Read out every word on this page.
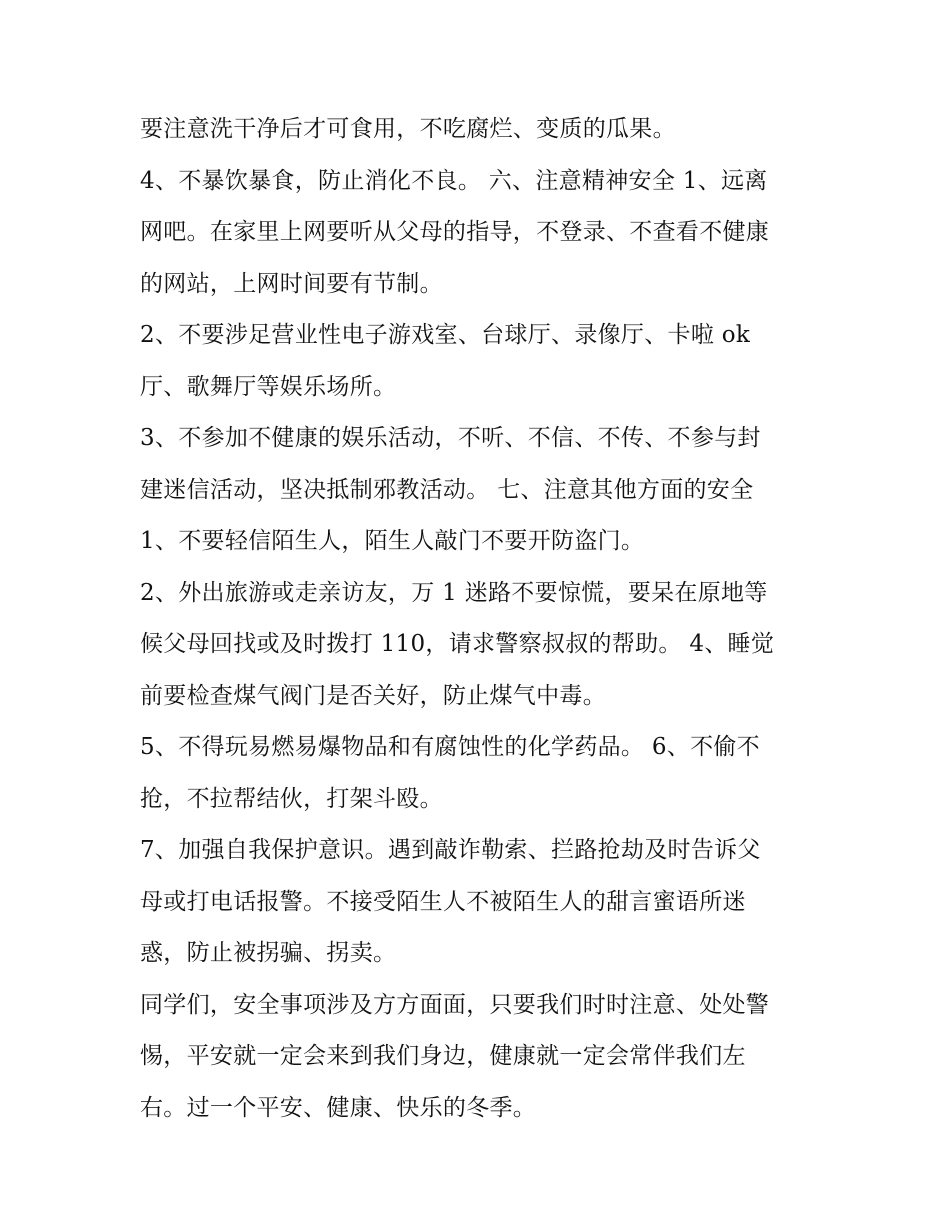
要注意洗干净后才可食用，不吃腐烂、变质的瓜果。
4、不暴饮暴食，防止消化不良。 六、注意精神安全 1、远离
网吧。在家里上网要听从父母的指导，不登录、不查看不健康
的网站，上网时间要有节制。
2、不要涉足营业性电子游戏室、台球厅、录像厅、卡啦 ok
厅、歌舞厅等娱乐场所。
3、不参加不健康的娱乐活动，不听、不信、不传、不参与封
建迷信活动，坚决抵制邪教活动。 七、注意其他方面的安全
1、不要轻信陌生人，陌生人敲门不要开防盗门。
2、外出旅游或走亲访友，万 1 迷路不要惊慌，要呆在原地等
候父母回找或及时拨打 110，请求警察叔叔的帮助。 4、睡觉
前要检查煤气阀门是否关好，防止煤气中毒。
5、不得玩易燃易爆物品和有腐蚀性的化学药品。 6、不偷不
抢，不拉帮结伙，打架斗殴。
7、加强自我保护意识。遇到敲诈勒索、拦路抢劫及时告诉父
母或打电话报警。不接受陌生人不被陌生人的甜言蜜语所迷
惑，防止被拐骗、拐卖。
同学们，安全事项涉及方方面面，只要我们时时注意、处处警
惕，平安就一定会来到我们身边，健康就一定会常伴我们左
右。过一个平安、健康、快乐的冬季。
